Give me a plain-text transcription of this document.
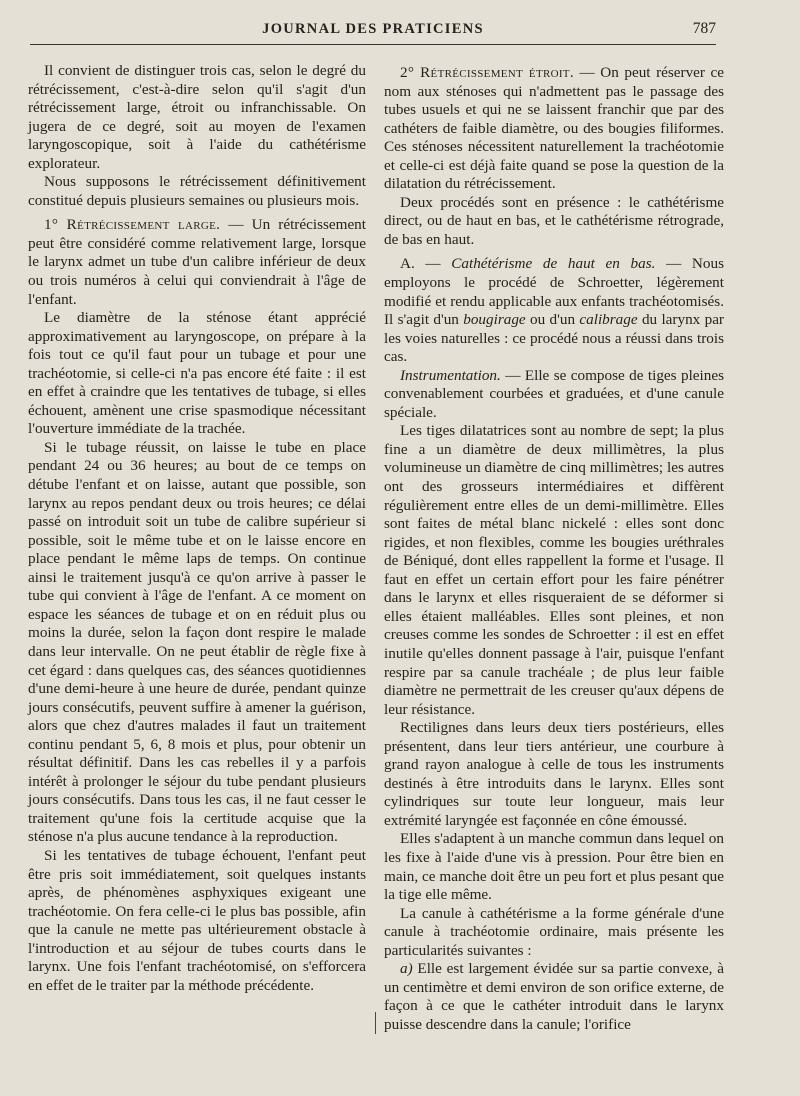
JOURNAL DES PRATICIENS	787

Il convient de distinguer trois cas, selon le degré du rétrécissement, c'est-à-dire selon qu'il s'agit d'un rétrécissement large, étroit ou infranchissable. On jugera de ce degré, soit au moyen de l'examen laryngoscopique, soit à l'aide du cathétérisme explorateur.

Nous supposons le rétrécissement définitivement constitué depuis plusieurs semaines ou plusieurs mois.

1° Rétrécissement large. — Un rétrécissement peut être considéré comme relativement large, lorsque le larynx admet un tube d'un calibre inférieur de deux ou trois numéros à celui qui conviendrait à l'âge de l'enfant.

Le diamètre de la sténose étant apprécié approximativement au laryngoscope, on prépare à la fois tout ce qu'il faut pour un tubage et pour une trachéotomie, si celle-ci n'a pas encore été faite : il est en effet à craindre que les tentatives de tubage, si elles échouent, amènent une crise spasmodique nécessitant l'ouverture immédiate de la trachée.

Si le tubage réussit, on laisse le tube en place pendant 24 ou 36 heures; au bout de ce temps on détube l'enfant et on laisse, autant que possible, son larynx au repos pendant deux ou trois heures; ce délai passé on introduit soit un tube de calibre supérieur si possible, soit le même tube et on le laisse encore en place pendant le même laps de temps. On continue ainsi le traitement jusqu'à ce qu'on arrive à passer le tube qui convient à l'âge de l'enfant. A ce moment on espace les séances de tubage et on en réduit plus ou moins la durée, selon la façon dont respire le malade dans leur intervalle. On ne peut établir de règle fixe à cet égard : dans quelques cas, des séances quotidiennes d'une demi-heure à une heure de durée, pendant quinze jours consécutifs, peuvent suffire à amener la guérison, alors que chez d'autres malades il faut un traitement continu pendant 5, 6, 8 mois et plus, pour obtenir un résultat définitif. Dans les cas rebelles il y a parfois intérêt à prolonger le séjour du tube pendant plusieurs jours consécutifs. Dans tous les cas, il ne faut cesser le traitement qu'une fois la certitude acquise que la sténose n'a plus aucune tendance à la reproduction.

Si les tentatives de tubage échouent, l'enfant peut être pris soit immédiatement, soit quelques instants après, de phénomènes asphyxiques exigeant une trachéotomie. On fera celle-ci le plus bas possible, afin que la canule ne mette pas ultérieurement obstacle à l'introduction et au séjour de tubes courts dans le larynx. Une fois l'enfant trachéotomisé, on s'efforcera en effet de le traiter par la méthode précédente.

2° Rétrécissement étroit. — On peut réserver ce nom aux sténoses qui n'admettent pas le passage des tubes usuels et qui ne se laissent franchir que par des cathéters de faible diamètre, ou des bougies filiformes. Ces sténoses nécessitent naturellement la trachéotomie et celle-ci est déjà faite quand se pose la question de la dilatation du rétrécissement.

Deux procédés sont en présence : le cathétérisme direct, ou de haut en bas, et le cathétérisme rétrograde, de bas en haut.

A. — Cathétérisme de haut en bas. — Nous employons le procédé de Schroetter, légèrement modifié et rendu applicable aux enfants trachéotomisés. Il s'agit d'un bougirage ou d'un calibrage du larynx par les voies naturelles : ce procédé nous a réussi dans trois cas.

Instrumentation. — Elle se compose de tiges pleines convenablement courbées et graduées, et d'une canule spéciale.

Les tiges dilatatrices sont au nombre de sept; la plus fine a un diamètre de deux millimètres, la plus volumineuse un diamètre de cinq millimètres; les autres ont des grosseurs intermédiaires et diffèrent régulièrement entre elles de un demi-millimètre. Elles sont faites de métal blanc nickelé : elles sont donc rigides, et non flexibles, comme les bougies uréthrales de Béniqué, dont elles rappellent la forme et l'usage. Il faut en effet un certain effort pour les faire pénétrer dans le larynx et elles risqueraient de se déformer si elles étaient malléables. Elles sont pleines, et non creuses comme les sondes de Schroetter : il est en effet inutile qu'elles donnent passage à l'air, puisque l'enfant respire par sa canule trachéale ; de plus leur faible diamètre ne permettrait de les creuser qu'aux dépens de leur résistance.

Rectilignes dans leurs deux tiers postérieurs, elles présentent, dans leur tiers antérieur, une courbure à grand rayon analogue à celle de tous les instruments destinés à être introduits dans le larynx. Elles sont cylindriques sur toute leur longueur, mais leur extrémité laryngée est façonnée en cône émoussé.

Elles s'adaptent à un manche commun dans lequel on les fixe à l'aide d'une vis à pression. Pour être bien en main, ce manche doit être un peu fort et plus pesant que la tige elle même.

La canule à cathétérisme a la forme générale d'une canule à trachéotomie ordinaire, mais présente les particularités suivantes :

a) Elle est largement évidée sur sa partie convexe, à un centimètre et demi environ de son orifice externe, de façon à ce que le cathéter introduit dans le larynx puisse descendre dans la canule; l'orifice
